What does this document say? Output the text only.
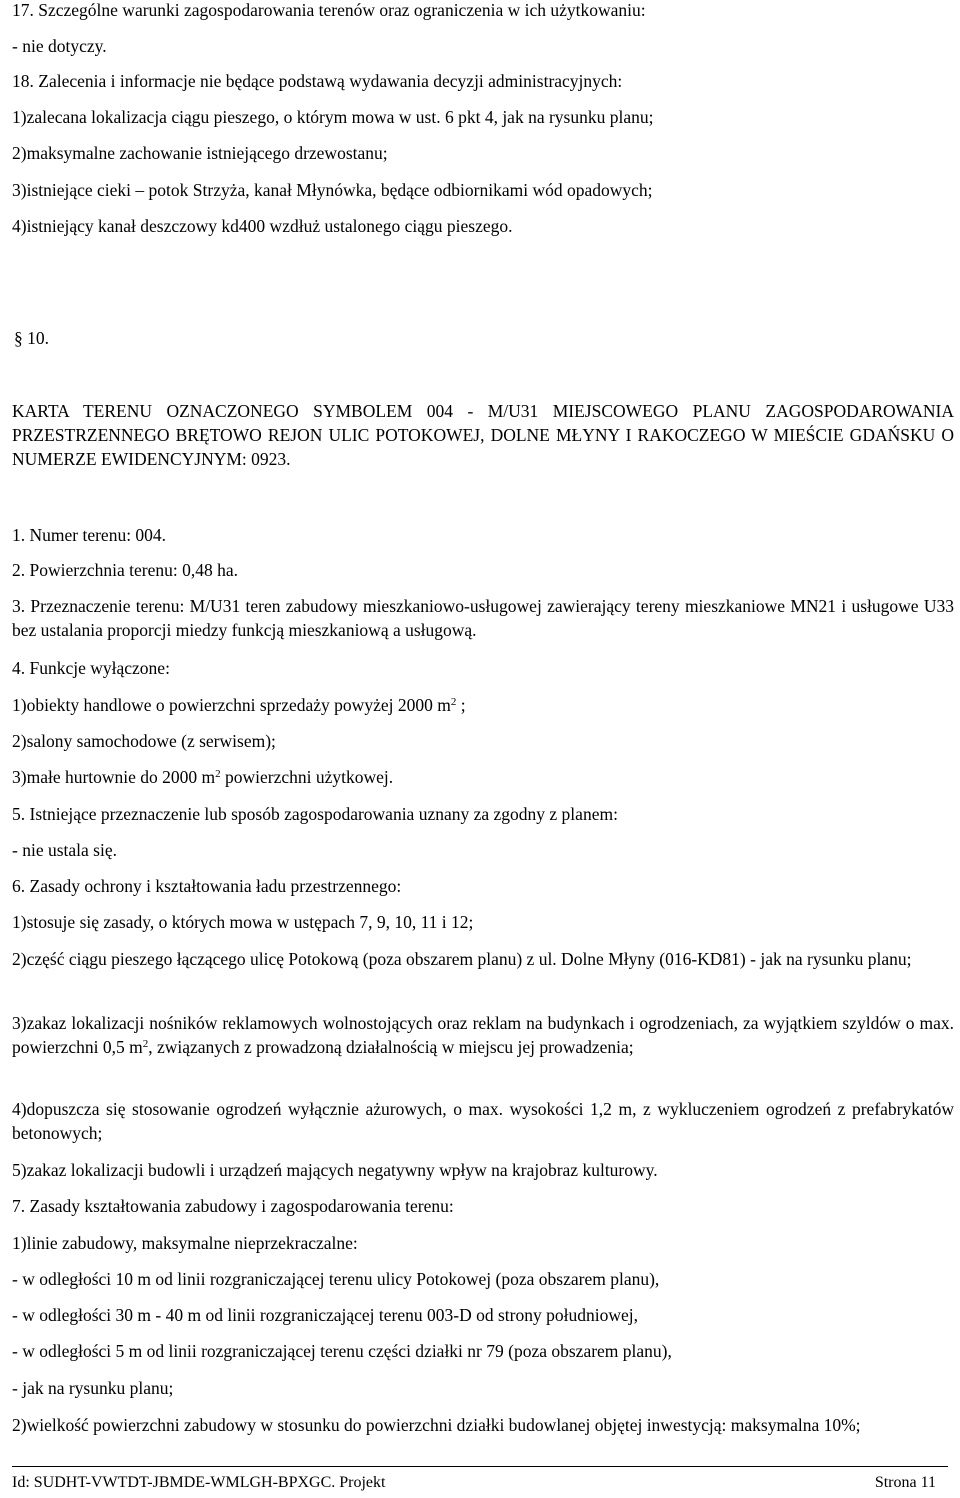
17. Szczególne warunki zagospodarowania terenów oraz ograniczenia w ich użytkowaniu:
- nie dotyczy.
18. Zalecenia i informacje nie będące podstawą wydawania decyzji administracyjnych:
1)zalecana lokalizacja ciągu pieszego, o którym mowa w ust. 6 pkt 4, jak na rysunku planu;
2)maksymalne zachowanie istniejącego drzewostanu;
3)istniejące cieki – potok Strzyża, kanał Młynówka, będące odbiornikami wód opadowych;
4)istniejący kanał deszczowy kd400 wzdłuż ustalonego ciągu pieszego.
§ 10.
KARTA TERENU OZNACZONEGO SYMBOLEM 004 - M/U31 MIEJSCOWEGO PLANU ZAGOSPODAROWANIA PRZESTRZENNEGO BRĘTOWO REJON ULIC POTOKOWEJ, DOLNE MŁYNY I RAKOCZEGO W MIEŚCIE GDAŃSKU O NUMERZE EWIDENCYJNYM: 0923.
1. Numer terenu: 004.
2. Powierzchnia terenu: 0,48 ha.
3. Przeznaczenie terenu: M/U31 teren zabudowy mieszkaniowo-usługowej zawierający tereny mieszkaniowe MN21 i usługowe U33 bez ustalania proporcji miedzy funkcją mieszkaniową a usługową.
4. Funkcje wyłączone:
1)obiekty handlowe o powierzchni sprzedaży powyżej 2000 $m^2$ ;
2)salony samochodowe (z serwisem);
3)małe hurtownie do 2000 $m^2$ powierzchni użytkowej.
5. Istniejące przeznaczenie lub sposób zagospodarowania uznany za zgodny z planem:
- nie ustala się.
6. Zasady ochrony i kształtowania ładu przestrzennego:
1)stosuje się zasady, o których mowa w ustępach 7, 9, 10, 11 i 12;
2)część ciągu pieszego łączącego ulicę Potokową (poza obszarem planu) z ul. Dolne Młyny (016-KD81) - jak na rysunku planu;
3)zakaz lokalizacji nośników reklamowych wolnostojących oraz reklam na budynkach i ogrodzeniach, za wyjątkiem szyldów o max. powierzchni 0,5 $m^2$, związanych z prowadzoną działalnością w miejscu jej prowadzenia;
4)dopuszcza się stosowanie ogrodzeń wyłącznie ażurowych, o max. wysokości 1,2 m, z wykluczeniem ogrodzeń z prefabrykatów betonowych;
5)zakaz lokalizacji budowli i urządzeń mających negatywny wpływ na krajobraz kulturowy.
7. Zasady kształtowania zabudowy i zagospodarowania terenu:
1)linie zabudowy, maksymalne nieprzekraczalne:
- w odległości 10 m od linii rozgraniczającej terenu ulicy Potokowej (poza obszarem planu),
- w odległości 30 m - 40 m od linii rozgraniczającej terenu 003-D od strony południowej,
- w odległości 5 m od linii rozgraniczającej terenu części działki nr 79 (poza obszarem planu),
- jak na rysunku planu;
2)wielkość powierzchni zabudowy w stosunku do powierzchni działki budowlanej objętej inwestycją: maksymalna 10%;
Id: SUDHT-VWTDT-JBMDE-WMLGH-BPXGC. Projekt	Strona 11
